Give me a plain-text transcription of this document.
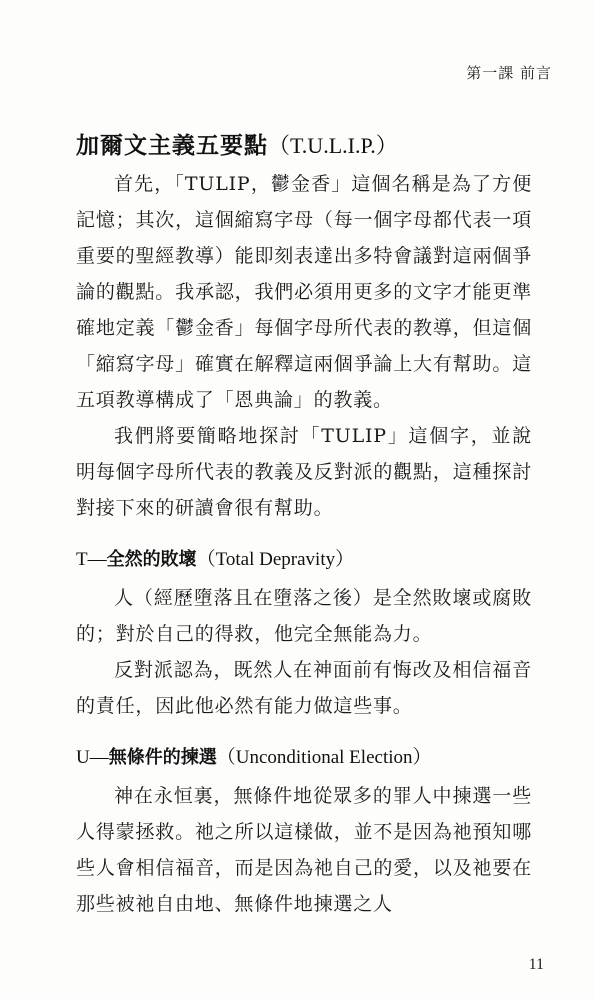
第一課 前言
加爾文主義五要點（T.U.L.I.P.）

首先，「TULIP，鬱金香」這個名稱是為了方便記憶；其次，這個縮寫字母（每一個字母都代表一項重要的聖經教導）能即刻表達出多特會議對這兩個爭論的觀點。我承認，我們必須用更多的文字才能更準確地定義「鬱金香」每個字母所代表的教導，但這個「縮寫字母」確實在解釋這兩個爭論上大有幫助。這五項教導構成了「恩典論」的教義。

我們將要簡略地探討「TULIP」這個字，並說明每個字母所代表的教義及反對派的觀點，這種探討對接下來的研讀會很有幫助。

T—全然的敗壞（Total Depravity）

人（經歷墮落且在墮落之後）是全然敗壞或腐敗的；對於自己的得救，他完全無能為力。

反對派認為，既然人在神面前有悔改及相信福音的責任，因此他必然有能力做這些事。

U—無條件的揀選（Unconditional Election）

神在永恒裏，無條件地從眾多的罪人中揀選一些人得蒙拯救。祂之所以這樣做，並不是因為祂預知哪些人會相信福音，而是因為祂自己的愛，以及祂要在那些被祂自由地、無條件地揀選之人

11
